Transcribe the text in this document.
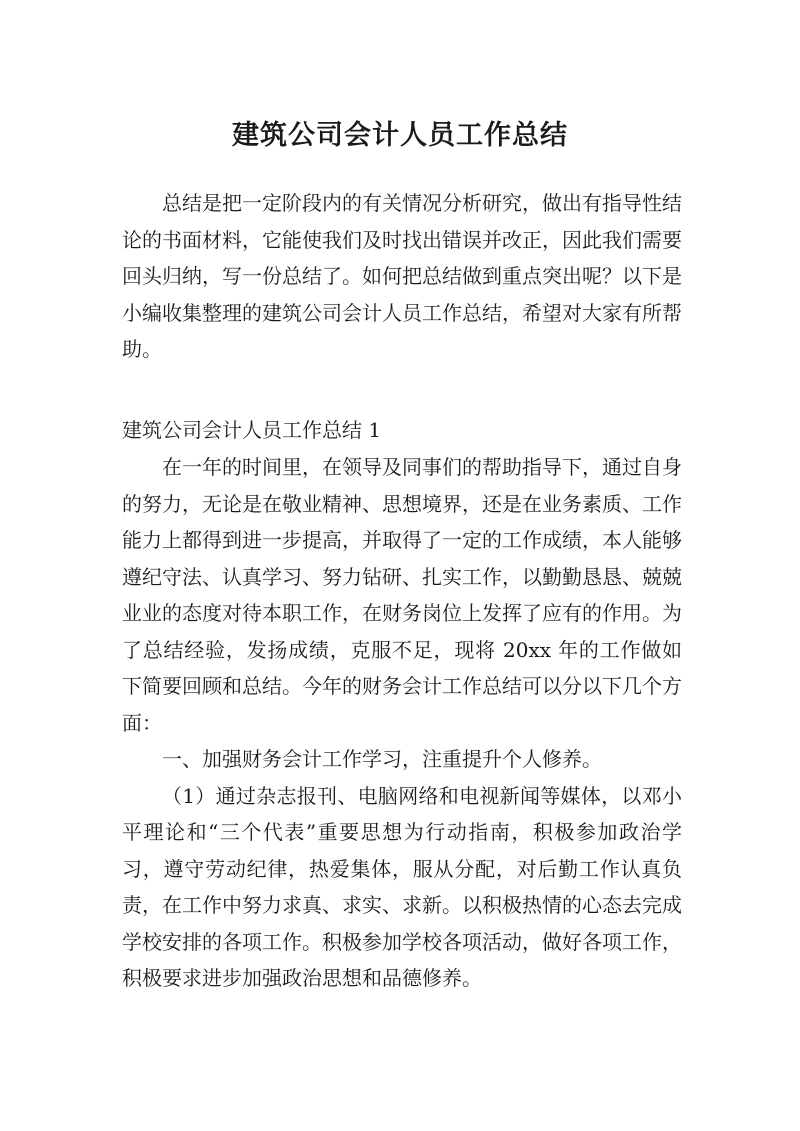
建筑公司会计人员工作总结

总结是把一定阶段内的有关情况分析研究，做出有指导性结论的书面材料，它能使我们及时找出错误并改正，因此我们需要回头归纳，写一份总结了。如何把总结做到重点突出呢？以下是小编收集整理的建筑公司会计人员工作总结，希望对大家有所帮助。

建筑公司会计人员工作总结 1

在一年的时间里，在领导及同事们的帮助指导下，通过自身的努力，无论是在敬业精神、思想境界，还是在业务素质、工作能力上都得到进一步提高，并取得了一定的工作成绩，本人能够遵纪守法、认真学习、努力钻研、扎实工作，以勤勤恳恳、兢兢业业的态度对待本职工作，在财务岗位上发挥了应有的作用。为了总结经验，发扬成绩，克服不足，现将 20xx 年的工作做如下简要回顾和总结。今年的财务会计工作总结可以分以下几个方面：

一、加强财务会计工作学习，注重提升个人修养。

（1）通过杂志报刊、电脑网络和电视新闻等媒体，以邓小平理论和“三个代表”重要思想为行动指南，积极参加政治学习，遵守劳动纪律，热爱集体，服从分配，对后勤工作认真负责，在工作中努力求真、求实、求新。以积极热情的心态去完成学校安排的各项工作。积极参加学校各项活动，做好各项工作，积极要求进步加强政治思想和品德修养。
